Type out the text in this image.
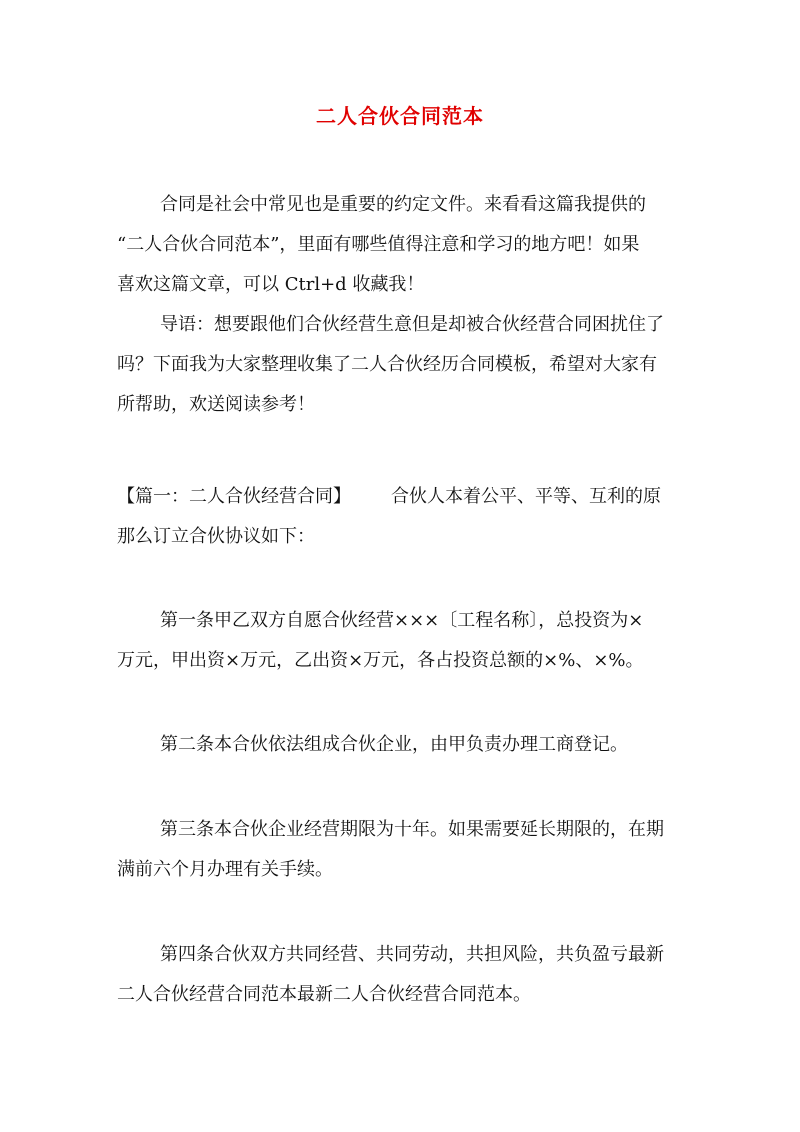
二人合伙合同范本
合同是社会中常见也是重要的约定文件。来看看这篇我提供的
“二人合伙合同范本”，里面有哪些值得注意和学习的地方吧！如果
喜欢这篇文章，可以 Ctrl+d 收藏我！
导语：想要跟他们合伙经营生意但是却被合伙经营合同困扰住了
吗？下面我为大家整理收集了二人合伙经历合同模板，希望对大家有
所帮助，欢送阅读参考！
【篇一：二人合伙经营合同】 合伙人本着公平、平等、互利的原
那么订立合伙协议如下：
第一条甲乙双方自愿合伙经营×××〔工程名称〕，总投资为×
万元，甲出资×万元，乙出资×万元，各占投资总额的×%、×%。
第二条本合伙依法组成合伙企业，由甲负责办理工商登记。
第三条本合伙企业经营期限为十年。如果需要延长期限的，在期
满前六个月办理有关手续。
第四条合伙双方共同经营、共同劳动，共担风险，共负盈亏最新
二人合伙经营合同范本最新二人合伙经营合同范本。
